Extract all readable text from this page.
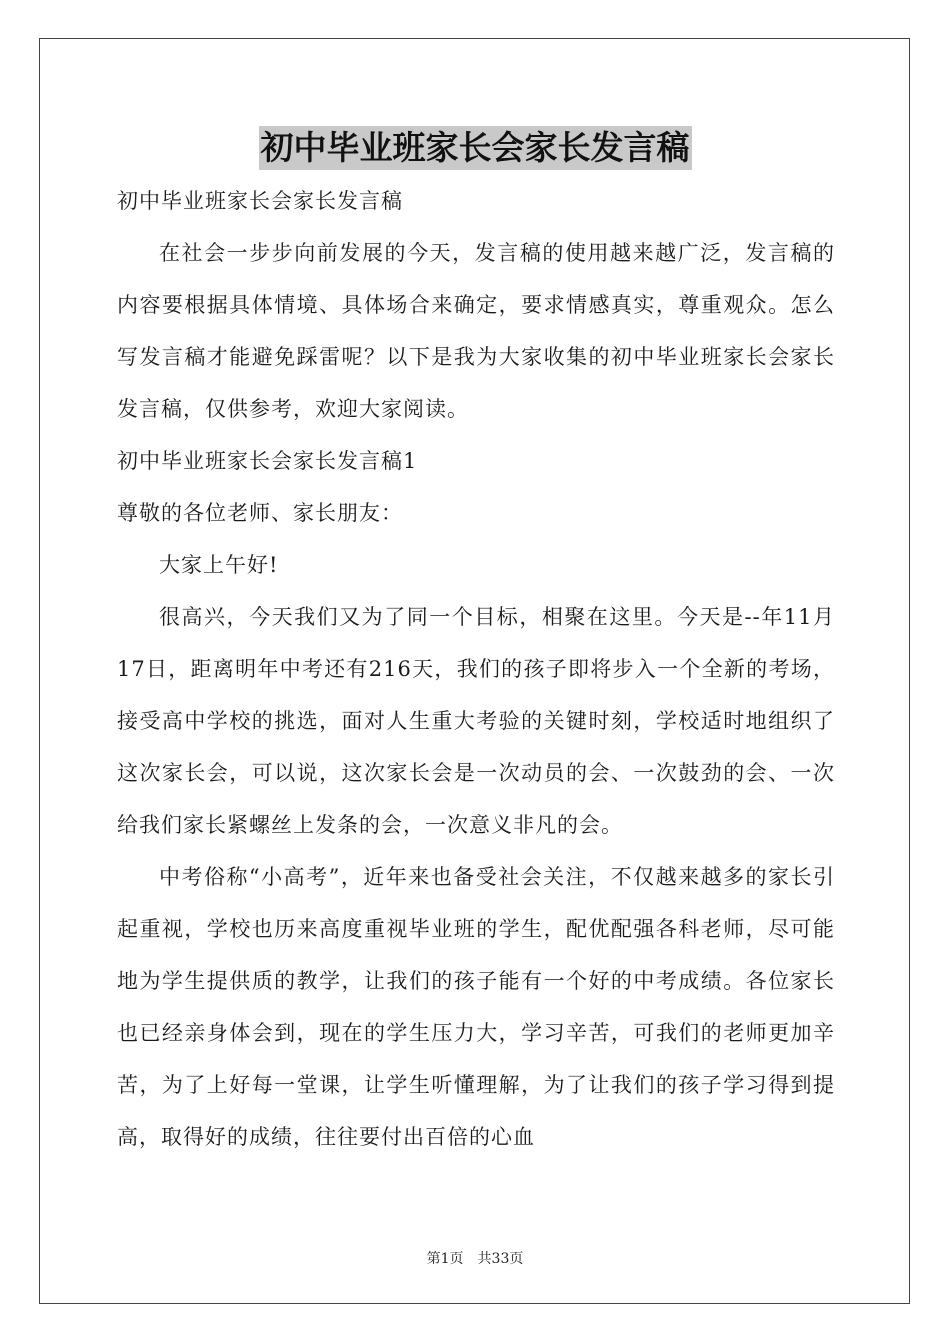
初中毕业班家长会家长发言稿

初中毕业班家长会家长发言稿

在社会一步步向前发展的今天，发言稿的使用越来越广泛，发言稿的内容要根据具体情境、具体场合来确定，要求情感真实，尊重观众。怎么写发言稿才能避免踩雷呢？以下是我为大家收集的初中毕业班家长会家长发言稿，仅供参考，欢迎大家阅读。

初中毕业班家长会家长发言稿1

尊敬的各位老师、家长朋友：

大家上午好!

很高兴，今天我们又为了同一个目标，相聚在这里。今天是--年11月17日，距离明年中考还有216天，我们的孩子即将步入一个全新的考场，接受高中学校的挑选，面对人生重大考验的关键时刻，学校适时地组织了这次家长会，可以说，这次家长会是一次动员的会、一次鼓劲的会、一次给我们家长紧螺丝上发条的会，一次意义非凡的会。

中考俗称“小高考”，近年来也备受社会关注，不仅越来越多的家长引起重视，学校也历来高度重视毕业班的学生，配优配强各科老师，尽可能地为学生提供质的教学，让我们的孩子能有一个好的中考成绩。各位家长也已经亲身体会到，现在的学生压力大，学习辛苦，可我们的老师更加辛苦，为了上好每一堂课，让学生听懂理解，为了让我们的孩子学习得到提高，取得好的成绩，往往要付出百倍的心血

第1页 共33页
